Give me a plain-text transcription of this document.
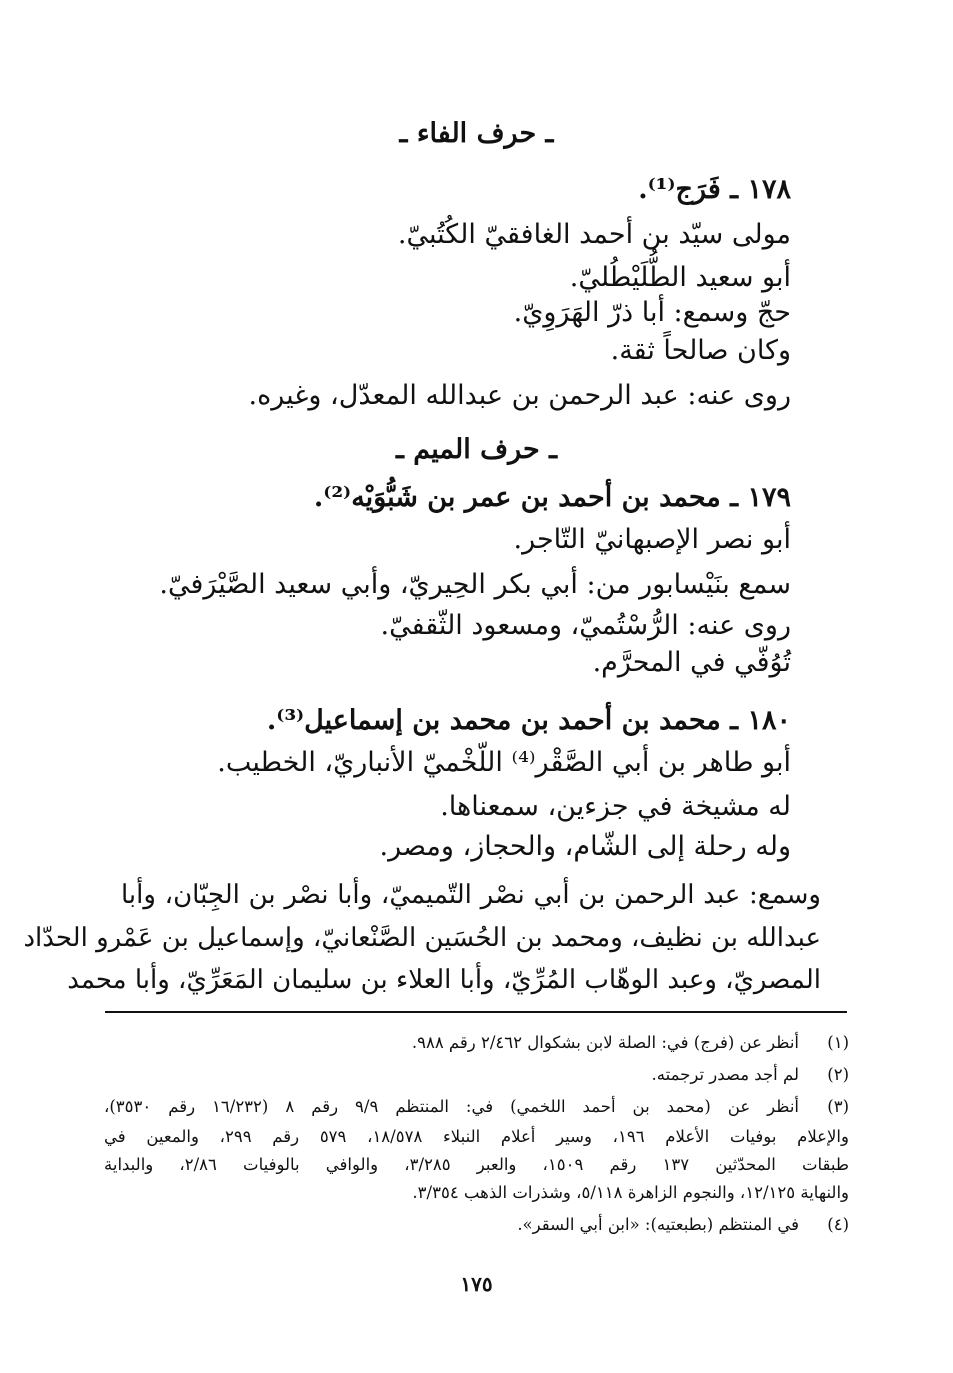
ـ حرف الفاء ـ
١٧٨ ـ فَرَج⁽¹⁾.
مولى سيّد بن أحمد الغافقيّ الكُتُبيّ.
أبو سعيد الطُّلَيْطُليّ.
حجّ وسمع: أبا ذرّ الهَرَوِيّ.
وكان صالحاً ثقة.
روى عنه: عبد الرحمن بن عبدالله المعدّل، وغيره.
ـ حرف الميم ـ
١٧٩ ـ محمد بن أحمد بن عمر بن شَبُّوَيْه⁽²⁾.
أبو نصر الإصبهانيّ التّاجر.
سمع بنَيْسابور من: أبي بكر الحِيريّ، وأبي سعيد الصَّيْرَفيّ.
روى عنه: الرُّسْتُميّ، ومسعود الثّقفيّ.
تُوُفّي في المحرَّم.
١٨٠ ـ محمد بن أحمد بن محمد بن إسماعيل⁽³⁾.
أبو طاهر بن أبي الصَّقْر⁽⁴⁾ اللّخْميّ الأنباريّ، الخطيب.
له مشيخة في جزءين، سمعناها.
وله رحلة إلى الشّام، والحجاز، ومصر.
وسمع: عبد الرحمن بن أبي نصْر التّميميّ، وأبا نصْر بن الجِبّان، وأبا
عبدالله بن نظيف، ومحمد بن الحُسَين الصَّنْعانيّ، وإسماعيل بن عَمْرو الحدّاد
المصريّ، وعبد الوهّاب المُرِّيّ، وأبا العلاء بن سليمان المَعَرِّيّ، وأبا محمد
(١)
أنظر عن (فرج) في: الصلة لابن بشكوال ٢/٤٦٢ رقم ٩٨٨.
(٢)
لم أجد مصدر ترجمته.
(٣)
أنظر عن (محمد بن أحمد اللخمي) في: المنتظم ٩/٩ رقم ٨ (١٦/٢٣٢ رقم ٣٥٣٠)،
والإعلام بوفيات الأعلام ١٩٦، وسير أعلام النبلاء ١٨/٥٧٨، ٥٧٩ رقم ٢٩٩، والمعين في
طبقات المحدّثين ١٣٧ رقم ١٥٠٩، والعبر ٣/٢٨٥، والوافي بالوفيات ٢/٨٦، والبداية
والنهاية ١٢/١٢٥، والنجوم الزاهرة ٥/١١٨، وشذرات الذهب ٣/٣٥٤.
(٤)
في المنتظم (بطبعتيه): «ابن أبي السقر».
١٧٥
